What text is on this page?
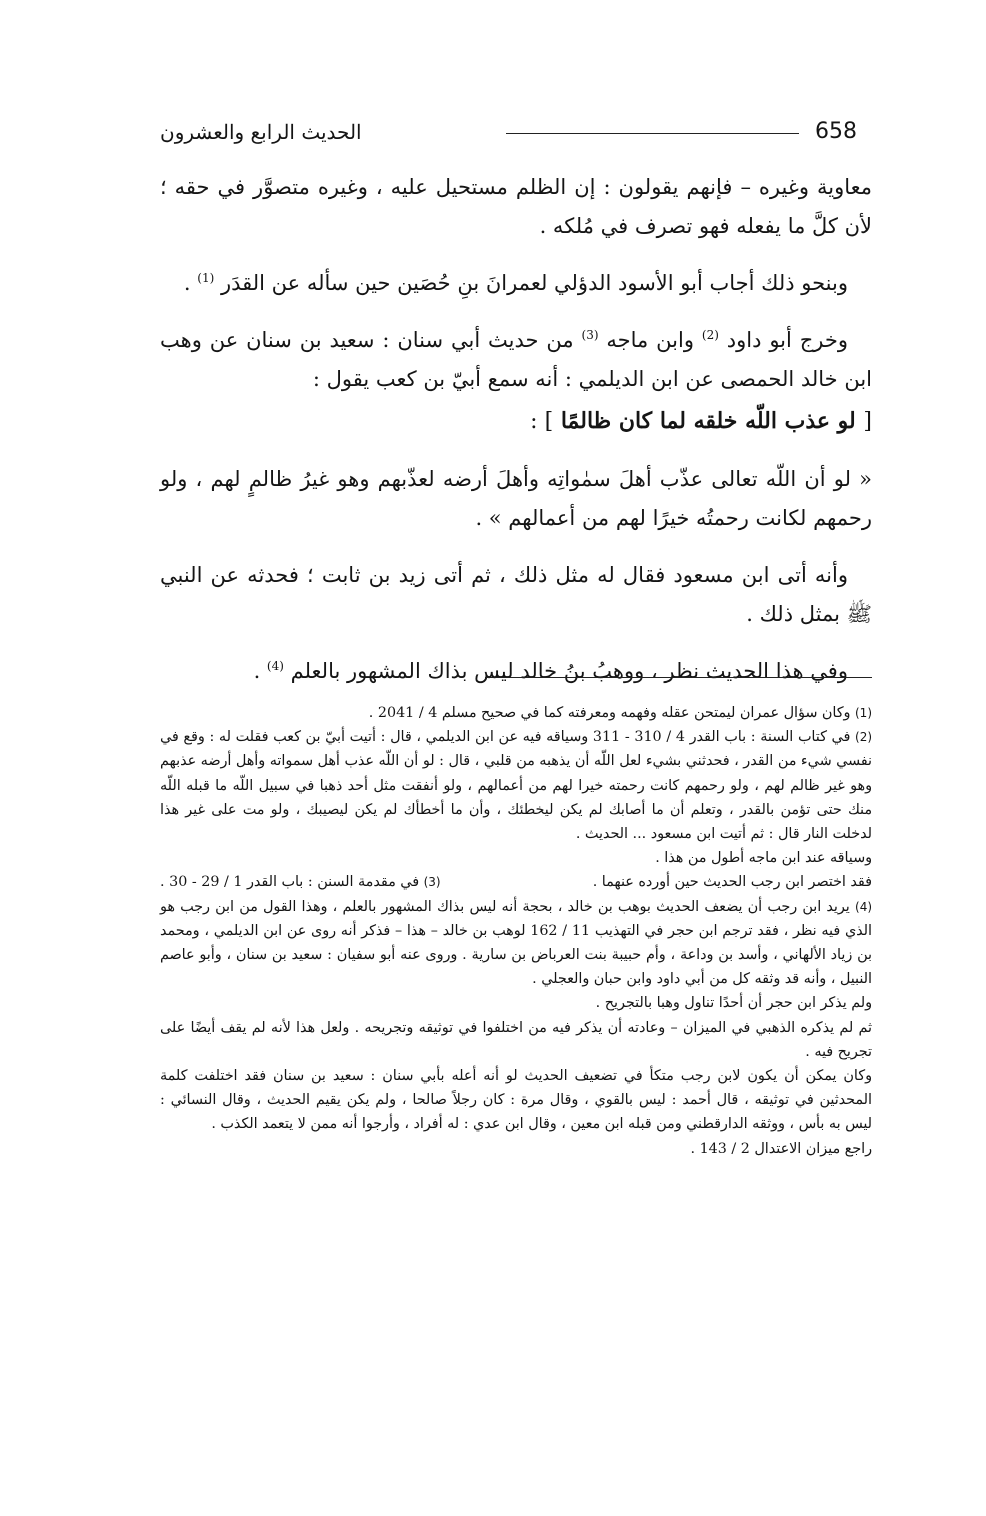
658
الحديث الرابع والعشرون

معاوية وغيره – فإنهم يقولون : إن الظلم مستحيل عليه ، وغيره متصوَّر في حقه ؛ لأن كلَّ ما يفعله فهو تصرف في مُلكه .

وبنحو ذلك أجاب أبو الأسود الدؤلي لعمرانَ بنِ حُصَين حين سأله عن القدَر $^{(1)}$ .

وخرج أبو داود $^{(2)}$ وابن ماجه $^{(3)}$ من حديث أبي سنان : سعيد بن سنان عن وهب ابن خالد الحمصى عن ابن الديلمي : أنه سمع أبيّ بن كعب يقول :

[ لو عذب اللّه خلقه لما كان ظالمًا ] :

« لو أن اللّه تعالى عذّب أهلَ سمٰواتِه وأهلَ أرضه لعذّبهم وهو غيرُ ظالمٍ لهم ، ولو رحمهم لكانت رحمتُه خيرًا لهم من أعمالهم » .

وأنه أتى ابن مسعود فقال له مثل ذلك ، ثم أتى زيد بن ثابت ؛ فحدثه عن النبي ﷺ بمثل ذلك .

وفي هذا الحديث نظر ، ووهبُ بنُ خالد ليس بذاك المشهور بالعلم $^{(4)}$ .

(1) وكان سؤال عمران ليمتحن عقله وفهمه ومعرفته كما في صحيح مسلم 4 / 2041 .

(2) في كتاب السنة : باب القدر 4 / 310 - 311 وسياقه فيه عن ابن الديلمي ، قال : أتيت أبيّ بن كعب فقلت له : وقع في نفسي شيء من القدر ، فحدثني بشيء لعل اللّه أن يذهبه من قلبي ، قال : لو أن اللّه عذب أهل سمواته وأهل أرضه عذبهم وهو غير ظالم لهم ، ولو رحمهم كانت رحمته خيرا لهم من أعمالهم ، ولو أنفقت مثل أحد ذهبا في سبيل اللّه ما قبله اللّه منك حتى تؤمن بالقدر ، وتعلم أن ما أصابك لم يكن ليخطئك ، وأن ما أخطأك لم يكن ليصيبك ، ولو مت على غير هذا لدخلت النار قال : ثم أتيت ابن مسعود ... الحديث .

وسياقه عند ابن ماجه أطول من هذا .

فقد اختصر ابن رجب الحديث حين أورده عنهما .
(3) في مقدمة السنن : باب القدر 1 / 29 - 30 .

(4) يريد ابن رجب أن يضعف الحديث بوهب بن خالد ، بحجة أنه ليس بذاك المشهور بالعلم ، وهذا القول من ابن رجب هو الذي فيه نظر ، فقد ترجم ابن حجر في التهذيب 11 / 162 لوهب بن خالد – هذا – فذكر أنه روى عن ابن الديلمي ، ومحمد بن زياد الألهاني ، وأسد بن وداعة ، وأم حبيبة بنت العرباض بن سارية . وروى عنه أبو سفيان : سعيد بن سنان ، وأبو عاصم النبيل ، وأنه قد وثقه كل من أبي داود وابن حبان والعجلي .

ولم يذكر ابن حجر أن أحدًا تناول وهبا بالتجريح .

ثم لم يذكره الذهبي في الميزان – وعادته أن يذكر فيه من اختلفوا في توثيقه وتجريحه . ولعل هذا لأنه لم يقف أيضًا على تجريح فيه .

وكان يمكن أن يكون لابن رجب متكأ في تضعيف الحديث لو أنه أعله بأبي سنان : سعيد بن سنان فقد اختلفت كلمة المحدثين في توثيقه ، قال أحمد : ليس بالقوي ، وقال مرة : كان رجلاً صالحا ، ولم يكن يقيم الحديث ، وقال النسائي : ليس به بأس ، ووثقه الدارقطني ومن قبله ابن معين ، وقال ابن عدي : له أفراد ، وأرجوا أنه ممن لا يتعمد الكذب .

راجع ميزان الاعتدال 2 / 143 .
